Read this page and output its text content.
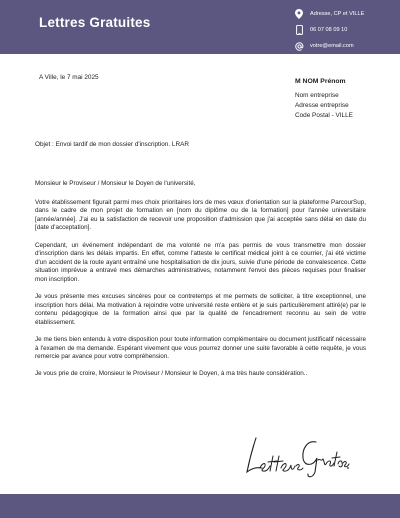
Lettres Gratuites
Adresse, CP et VILLE
06 07 08 09 10
votre@email.com
A Ville, le 7 mai 2025
M NOM Prénom
Nom entreprise
Adresse entreprise
Code Postal - VILLE
Objet : Envoi tardif de mon dossier d'inscription. LRAR

Monsieur le Proviseur / Monsieur le Doyen de l'université,

Votre établissement figurait parmi mes choix prioritaires lors de mes vœux d'orientation sur la plateforme ParcourSup, dans le cadre de mon projet de formation en [nom du diplôme ou de la formation] pour l'année universitaire [année/année]. J'ai eu la satisfaction de recevoir une proposition d'admission que j'ai acceptée sans délai en date du [date d'acceptation].

Cependant, un événement indépendant de ma volonté ne m'a pas permis de vous transmettre mon dossier d'inscription dans les délais impartis. En effet, comme l'atteste le certificat médical joint à ce courrier, j'ai été victime d'un accident de la route ayant entraîné une hospitalisation de dix jours, suivie d'une période de convalescence. Cette situation imprévue a entravé mes démarches administratives, notamment l'envoi des pièces requises pour finaliser mon inscription.

Je vous présente mes excuses sincères pour ce contretemps et me permets de solliciter, à titre exceptionnel, une inscription hors délai. Ma motivation à rejoindre votre université reste entière et je suis particulièrement attiré(e) par le contenu pédagogique de la formation ainsi que par la qualité de l'encadrement reconnu au sein de votre établissement.

Je me tiens bien entendu à votre disposition pour toute information complémentaire ou document justificatif nécessaire à l'examen de ma demande. Espérant vivement que vous pourrez donner une suite favorable à cette requête, je vous remercie par avance pour votre compréhension.

Je vous prie de croire, Monsieur le Proviseur / Monsieur le Doyen, à ma très haute considération..
